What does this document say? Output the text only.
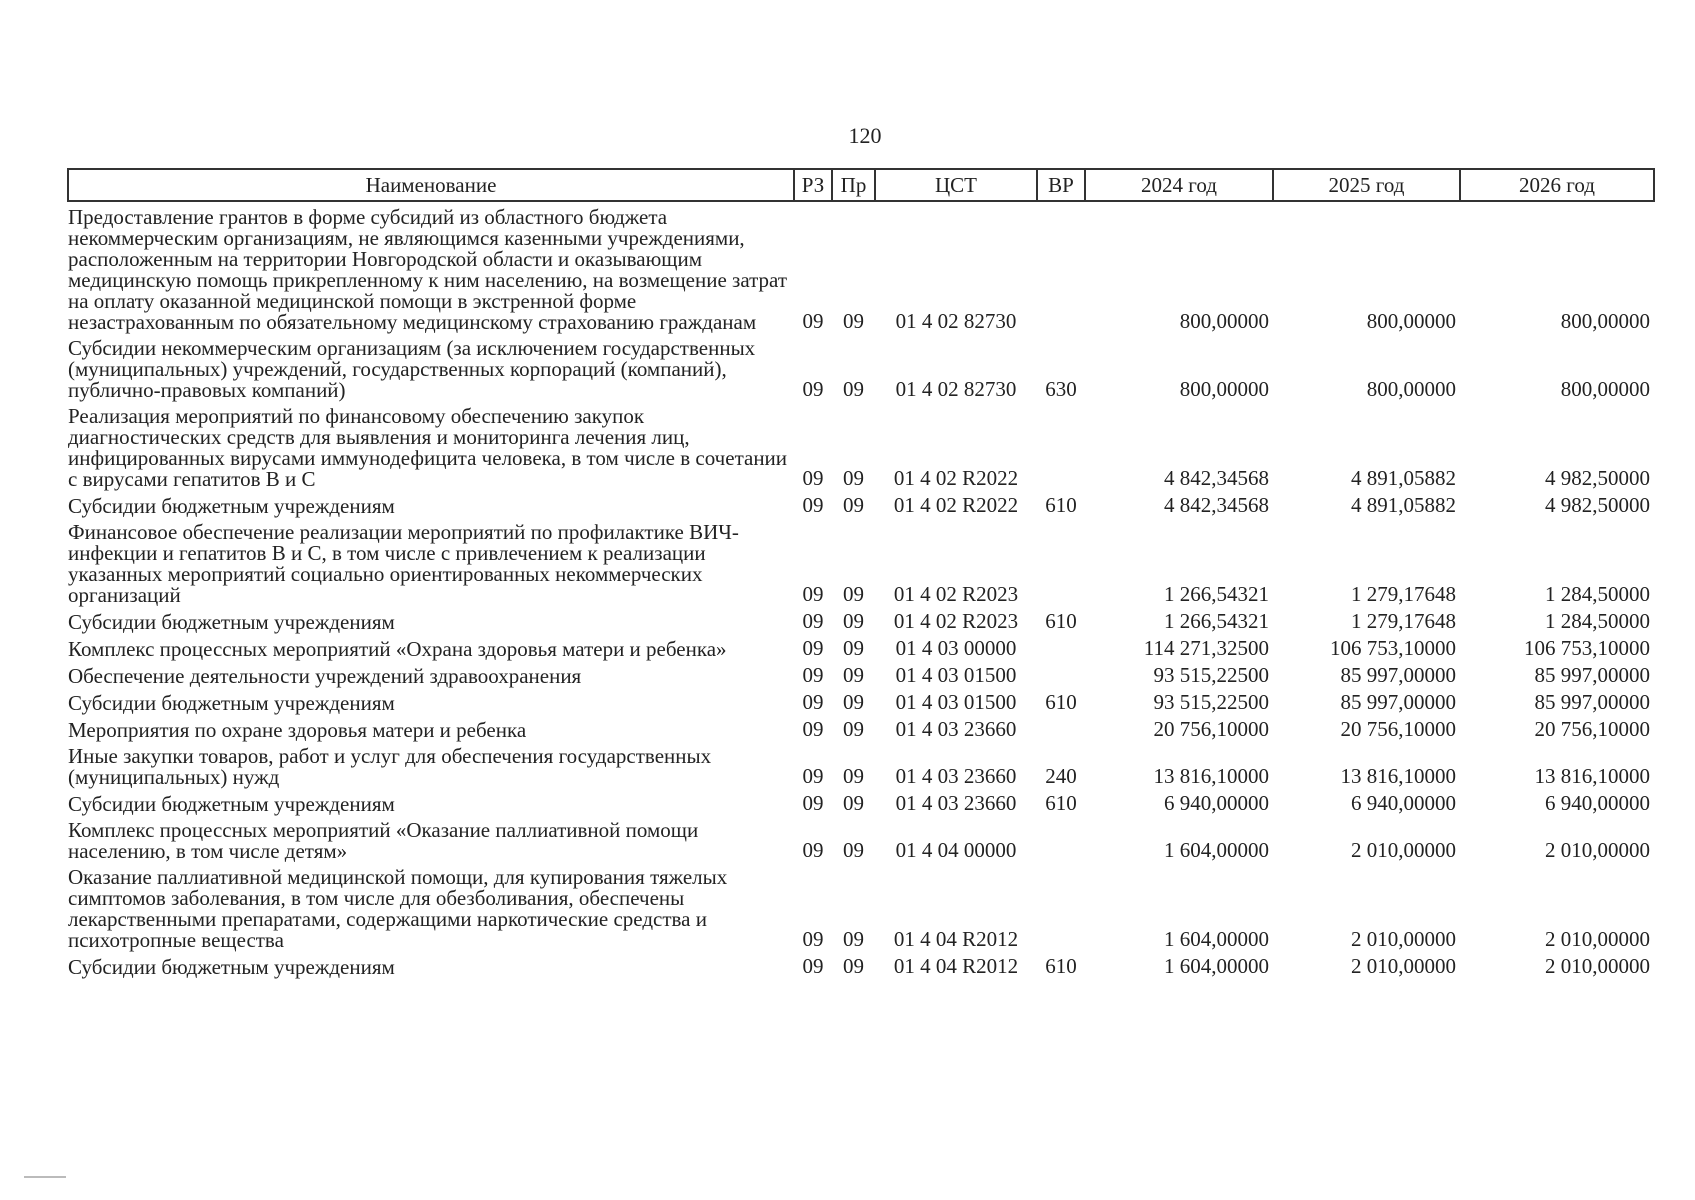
120
Наименование	РЗ	Пр	ЦСТ	ВР	2024 год	2025 год	2026 год
Предоставление грантов в форме субсидий из областного бюджета некоммерческим организациям, не являющимся казенными учреждениями, расположенным на территории Новгородской области и оказывающим медицинскую помощь прикрепленному к ним населению, на возмещение затрат на оплату оказанной медицинской помощи в экстренной форме незастрахованным по обязательному медицинскому страхованию гражданам	09	09	01 4 02 82730		800,00000	800,00000	800,00000
Субсидии некоммерческим организациям (за исключением государственных (муниципальных) учреждений, государственных корпораций (компаний), публично-правовых компаний)	09	09	01 4 02 82730	630	800,00000	800,00000	800,00000
Реализация мероприятий по финансовому обеспечению закупок диагностических средств для выявления и мониторинга лечения лиц, инфицированных вирусами иммунодефицита человека, в том числе в сочетании с вирусами гепатитов В и С	09	09	01 4 02 R2022		4 842,34568	4 891,05882	4 982,50000
Субсидии бюджетным учреждениям	09	09	01 4 02 R2022	610	4 842,34568	4 891,05882	4 982,50000
Финансовое обеспечение реализации мероприятий по профилактике ВИЧ-инфекции и гепатитов В и С, в том числе с привлечением к реализации указанных мероприятий социально ориентированных некоммерческих организаций	09	09	01 4 02 R2023		1 266,54321	1 279,17648	1 284,50000
Субсидии бюджетным учреждениям	09	09	01 4 02 R2023	610	1 266,54321	1 279,17648	1 284,50000
Комплекс процессных мероприятий «Охрана здоровья матери и ребенка»	09	09	01 4 03 00000		114 271,32500	106 753,10000	106 753,10000
Обеспечение деятельности учреждений здравоохранения	09	09	01 4 03 01500		93 515,22500	85 997,00000	85 997,00000
Субсидии бюджетным учреждениям	09	09	01 4 03 01500	610	93 515,22500	85 997,00000	85 997,00000
Мероприятия по охране здоровья матери и ребенка	09	09	01 4 03 23660		20 756,10000	20 756,10000	20 756,10000
Иные закупки товаров, работ и услуг для обеспечения государственных (муниципальных) нужд	09	09	01 4 03 23660	240	13 816,10000	13 816,10000	13 816,10000
Субсидии бюджетным учреждениям	09	09	01 4 03 23660	610	6 940,00000	6 940,00000	6 940,00000
Комплекс процессных мероприятий «Оказание паллиативной помощи населению, в том числе детям»	09	09	01 4 04 00000		1 604,00000	2 010,00000	2 010,00000
Оказание паллиативной медицинской помощи, для купирования тяжелых симптомов заболевания, в том числе для обезболивания, обеспечены лекарственными препаратами, содержащими наркотические средства и психотропные вещества	09	09	01 4 04 R2012		1 604,00000	2 010,00000	2 010,00000
Субсидии бюджетным учреждениям	09	09	01 4 04 R2012	610	1 604,00000	2 010,00000	2 010,00000
